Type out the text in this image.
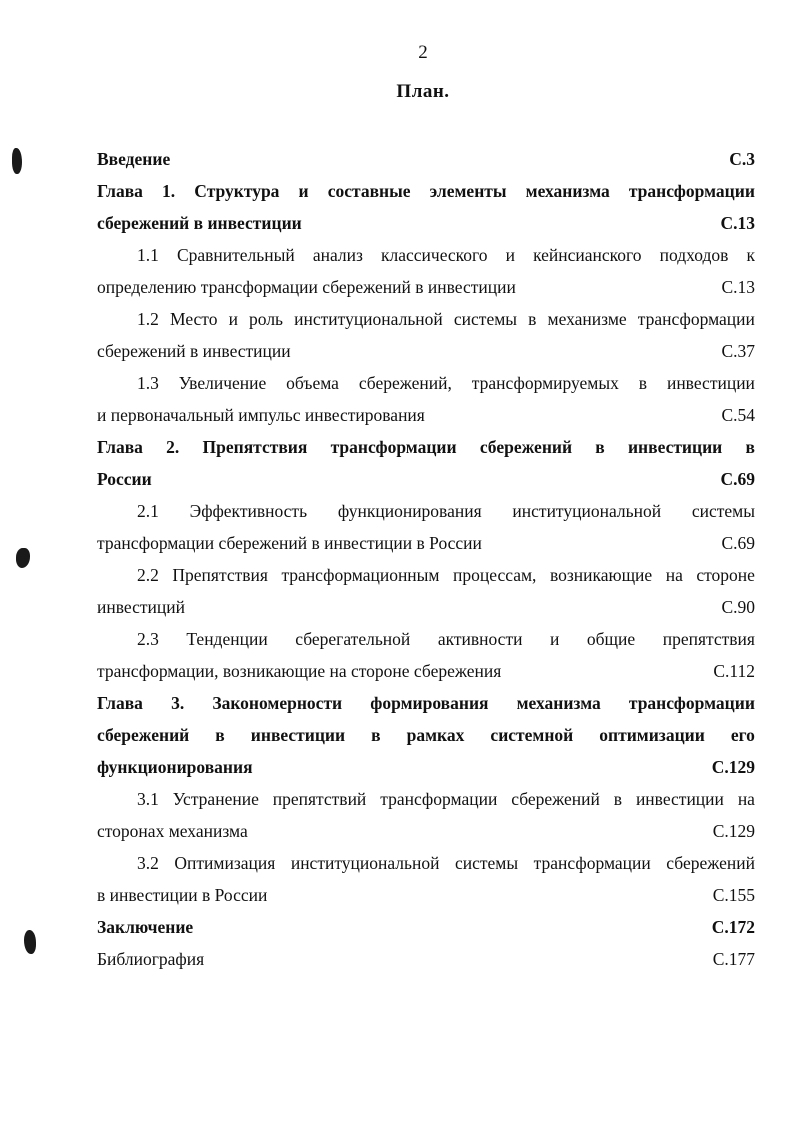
2
План.
Введение	С.3
Глава 1. Структура и составные элементы механизма трансформации
сбережений в инвестиции	С.13
1.1 Сравнительный анализ классического и кейнсианского подходов к
определению трансформации сбережений в инвестиции	С.13
1.2 Место и роль институциональной системы в механизме трансформации
сбережений в инвестиции	С.37
1.3 Увеличение объема сбережений, трансформируемых в инвестиции
и первоначальный импульс инвестирования	С.54
Глава 2. Препятствия трансформации сбережений в инвестиции в
России	С.69
2.1 Эффективность функционирования институциональной системы
трансформации сбережений в инвестиции в России	С.69
2.2 Препятствия трансформационным процессам, возникающие на стороне
инвестиций	С.90
2.3 Тенденции сберегательной активности и общие препятствия
трансформации, возникающие на стороне сбережения	С.112
Глава 3. Закономерности формирования механизма трансформации
сбережений в инвестиции в рамках системной оптимизации его
функционирования	С.129
3.1 Устранение препятствий трансформации сбережений в инвестиции на
сторонах механизма	С.129
3.2 Оптимизация институциональной системы трансформации сбережений
в инвестиции в России	С.155
Заключение	С.172
Библиография	С.177
